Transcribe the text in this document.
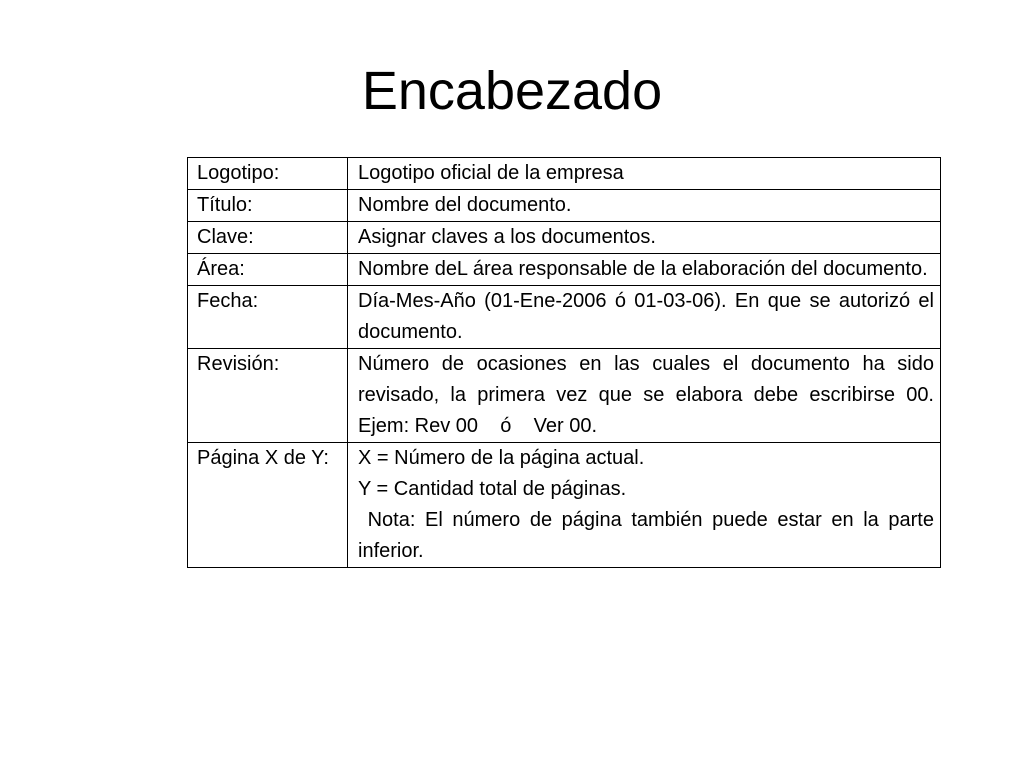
Encabezado
Logotipo:	Logotipo oficial de la empresa

Título:	Nombre del documento.

Clave:	Asignar claves a los documentos.

Área:	Nombre deL área responsable de la elaboración del documento.

Fecha:	Día-Mes-Año (01-Ene-2006 ó 01-03-06). En que se autorizó el documento.

Revisión:	Número de ocasiones en las cuales el documento ha sido revisado, la primera vez que se elabora debe escribirse 00. Ejem: Rev 00    ó    Ver 00.

Página X de Y:	X = Número de la página actual.
Y = Cantidad total de páginas.
Nota: El número de página también puede estar en la parte inferior.
